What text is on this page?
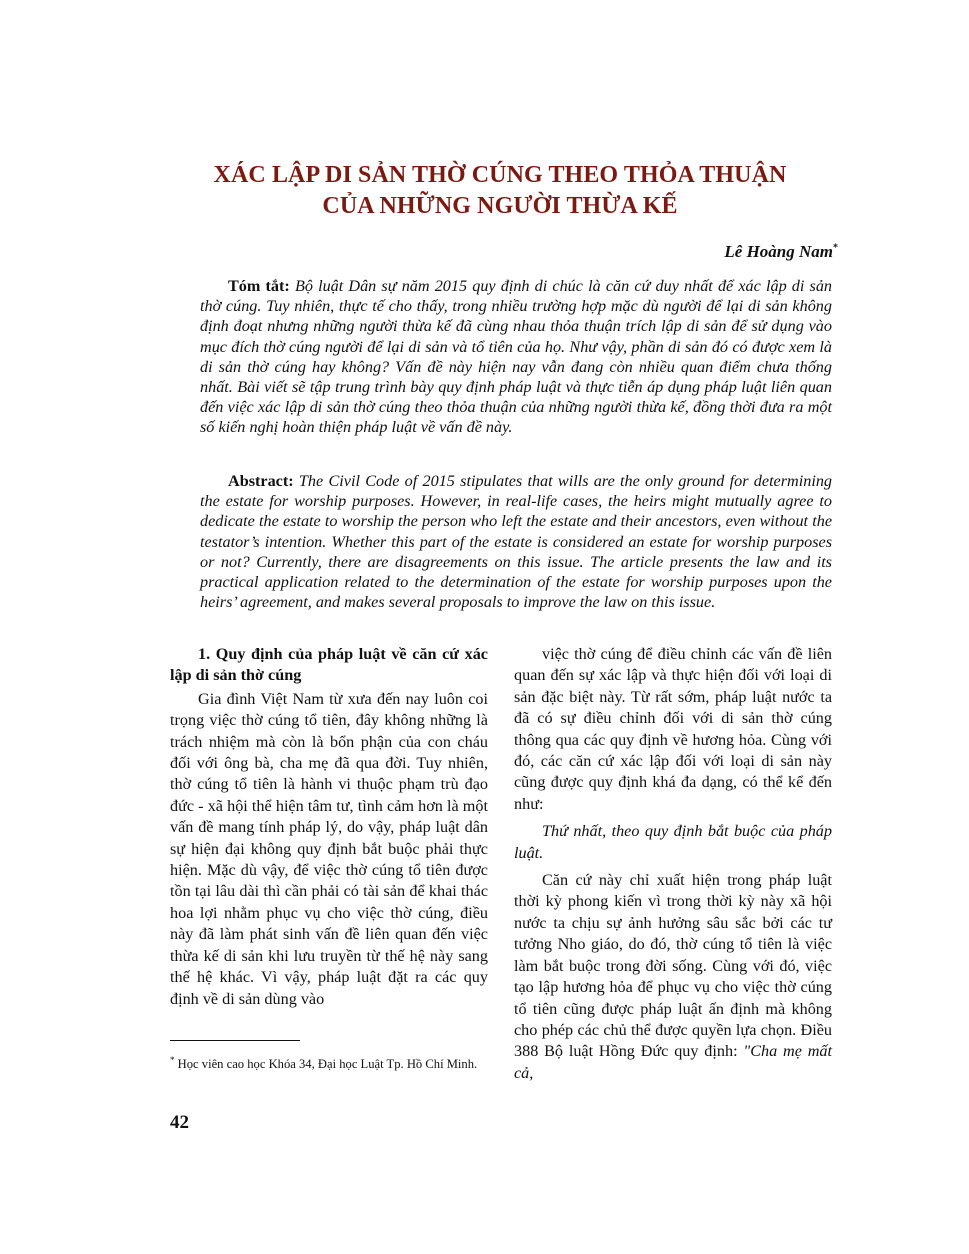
XÁC LẬP DI SẢN THỜ CÚNG THEO THỎA THUẬN
CỦA NHỮNG NGƯỜI THỪA KẾ
Lê Hoàng Nam*
Tóm tắt: Bộ luật Dân sự năm 2015 quy định di chúc là căn cứ duy nhất để xác lập di sản thờ cúng. Tuy nhiên, thực tế cho thấy, trong nhiều trường hợp mặc dù người để lại di sản không định đoạt nhưng những người thừa kế đã cùng nhau thỏa thuận trích lập di sản để sử dụng vào mục đích thờ cúng người để lại di sản và tổ tiên của họ. Như vậy, phần di sản đó có được xem là di sản thờ cúng hay không? Vấn đề này hiện nay vẫn đang còn nhiều quan điểm chưa thống nhất. Bài viết sẽ tập trung trình bày quy định pháp luật và thực tiễn áp dụng pháp luật liên quan đến việc xác lập di sản thờ cúng theo thỏa thuận của những người thừa kế, đồng thời đưa ra một số kiến nghị hoàn thiện pháp luật về vấn đề này.
Abstract: The Civil Code of 2015 stipulates that wills are the only ground for determining the estate for worship purposes. However, in real-life cases, the heirs might mutually agree to dedicate the estate to worship the person who left the estate and their ancestors, even without the testator’s intention. Whether this part of the estate is considered an estate for worship purposes or not? Currently, there are disagreements on this issue. The article presents the law and its practical application related to the determination of the estate for worship purposes upon the heirs’ agreement, and makes several proposals to improve the law on this issue.
1. Quy định của pháp luật về căn cứ xác lập di sản thờ cúng

Gia đình Việt Nam từ xưa đến nay luôn coi trọng việc thờ cúng tổ tiên, đây không những là trách nhiệm mà còn là bổn phận của con cháu đối với ông bà, cha mẹ đã qua đời. Tuy nhiên, thờ cúng tổ tiên là hành vi thuộc phạm trù đạo đức - xã hội thể hiện tâm tư, tình cảm hơn là một vấn đề mang tính pháp lý, do vậy, pháp luật dân sự hiện đại không quy định bắt buộc phải thực hiện. Mặc dù vậy, để việc thờ cúng tổ tiên được tồn tại lâu dài thì cần phải có tài sản để khai thác hoa lợi nhằm phục vụ cho việc thờ cúng, điều này đã làm phát sinh vấn đề liên quan đến việc thừa kế di sản khi lưu truyền từ thế hệ này sang thế hệ khác. Vì vậy, pháp luật đặt ra các quy định về di sản dùng vào

việc thờ cúng để điều chỉnh các vấn đề liên quan đến sự xác lập và thực hiện đối với loại di sản đặc biệt này. Từ rất sớm, pháp luật nước ta đã có sự điều chỉnh đối với di sản thờ cúng thông qua các quy định về hương hỏa. Cùng với đó, các căn cứ xác lập đối với loại di sản này cũng được quy định khá đa dạng, có thể kể đến như:

Thứ nhất, theo quy định bắt buộc của pháp luật.

Căn cứ này chỉ xuất hiện trong pháp luật thời kỳ phong kiến vì trong thời kỳ này xã hội nước ta chịu sự ảnh hưởng sâu sắc bởi các tư tưởng Nho giáo, do đó, thờ cúng tổ tiên là việc làm bắt buộc trong đời sống. Cùng với đó, việc tạo lập hương hỏa để phục vụ cho việc thờ cúng tổ tiên cũng được pháp luật ấn định mà không cho phép các chủ thể được quyền lựa chọn. Điều 388 Bộ luật Hồng Đức quy định: "Cha mẹ mất cả,

* Học viên cao học Khóa 34, Đại học Luật Tp. Hồ Chí Minh.
42
